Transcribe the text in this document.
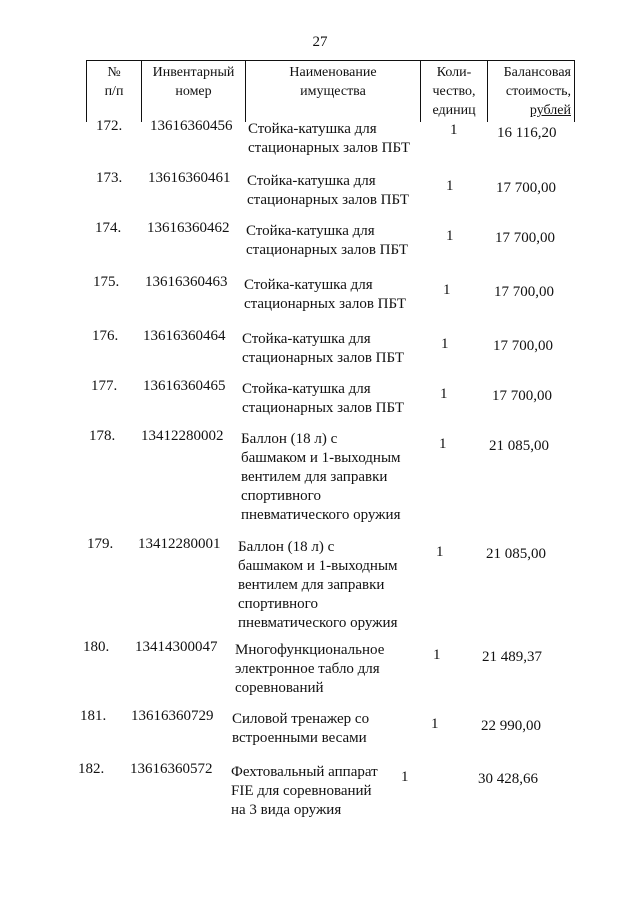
27
№
п/п

Инвентарный
номер

Наименование
имущества

Коли-
чество,
единиц

Балансовая
стоимость,
рублей
172. 13616360456 Стойка-катушка для
стационарных залов ПБТ
1	16 116,20
173. 13616360461 Стойка-катушка для
стационарных залов ПБТ
1	17 700,00
174. 13616360462 Стойка-катушка для
стационарных залов ПБТ
1	17 700,00
175. 13616360463 Стойка-катушка для
стационарных залов ПБТ
1	17 700,00
176. 13616360464 Стойка-катушка для
стационарных залов ПБТ
1	17 700,00
177. 13616360465 Стойка-катушка для
стационарных залов ПБТ
1	17 700,00
178. 13412280002 Баллон (18 л) с
башмаком и 1-выходным
вентилем для заправки
спортивного
пневматического оружия
1	21 085,00
179. 13412280001 Баллон (18 л) с
башмаком и 1-выходным
вентилем для заправки
спортивного
пневматического оружия
1	21 085,00
180. 13414300047 Многофункциональное
электронное табло для
соревнований
1	21 489,37
181. 13616360729 Силовой тренажер со
встроенными весами
1	22 990,00
182. 13616360572 Фехтовальный аппарат
FIE для соревнований
на 3 вида оружия
1	30 428,66
